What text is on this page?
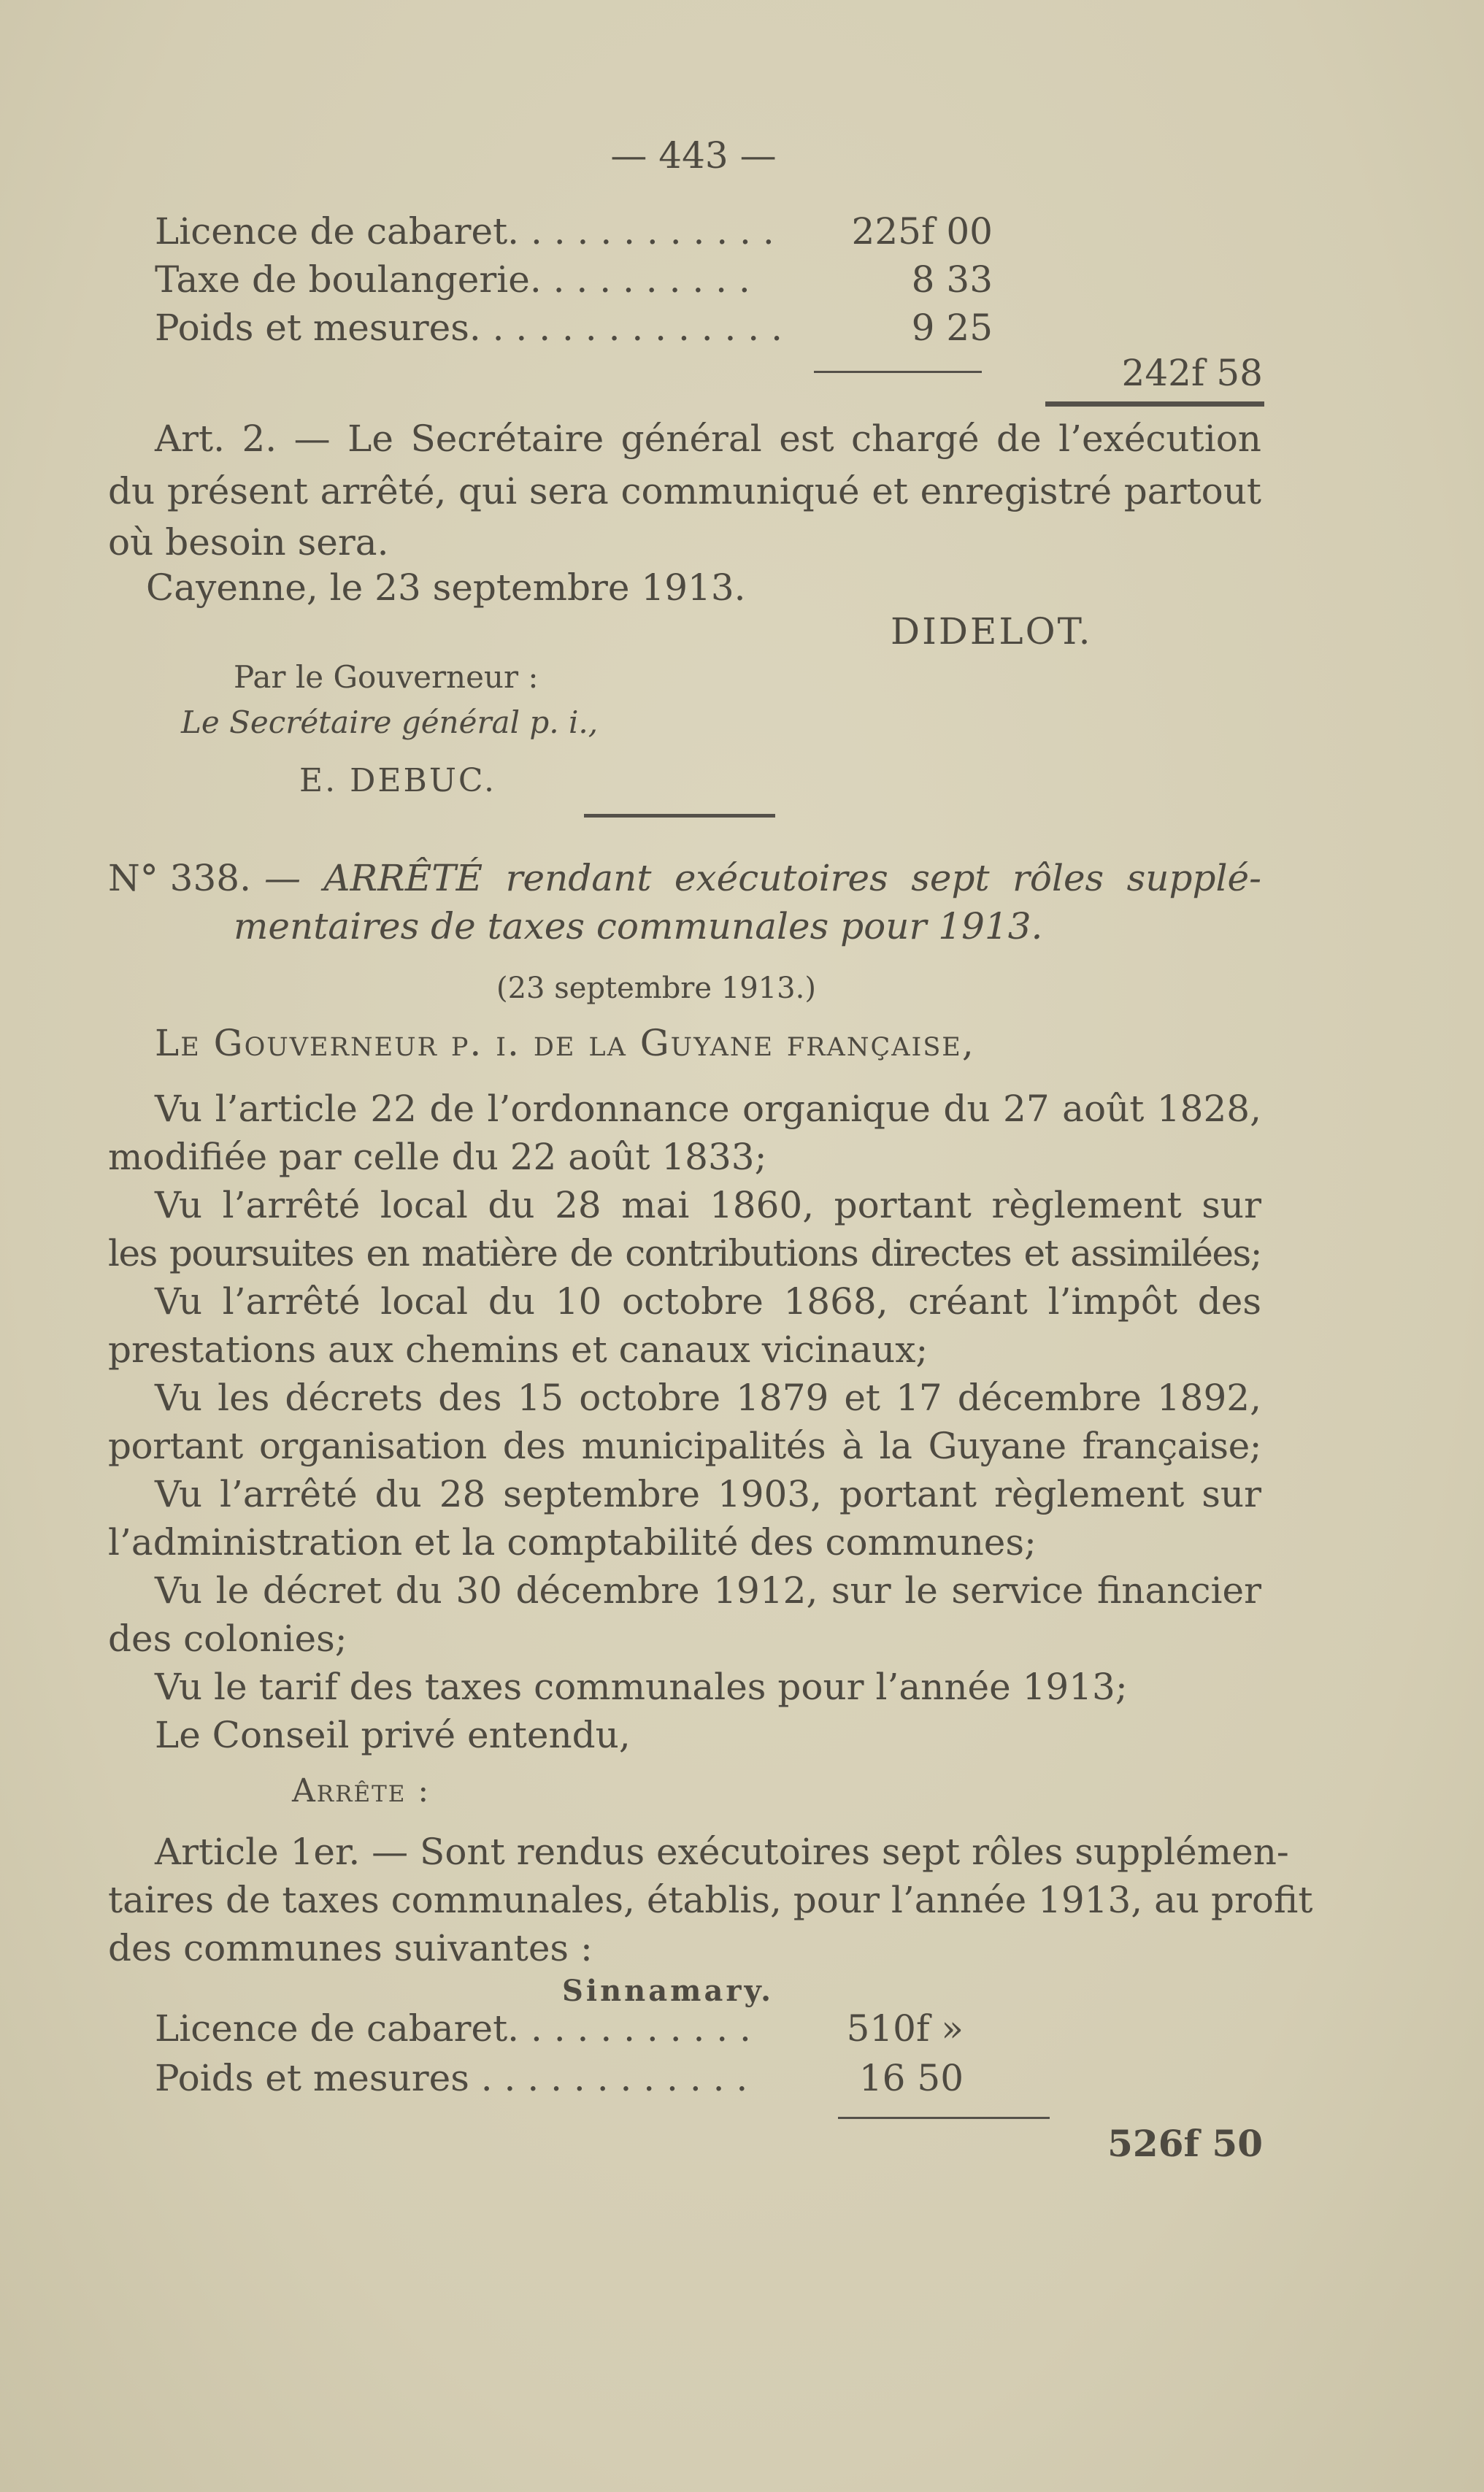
— 443 —
Licence de cabaret. . . . . . . . . . . .	225f 00
Taxe de boulangerie. . . . . . . . . .	8 33
Poids et mesures. . . . . . . . . . . . . .	9 25
242f 58
Art. 2. — Le Secrétaire général est chargé de l’exécution
du présent arrêté, qui sera communiqué et enregistré partout
où besoin sera.
Cayenne, le 23 septembre 1913.
DIDELOT.
Par le Gouverneur :
Le Secrétaire général p. i.,
E. DEBUC.
N° 338. — ARRÊTÉ rendant exécutoires sept rôles supplé-
mentaires de taxes communales pour 1913.
(23 septembre 1913.)
Le Gouverneur p. i. de la Guyane française,
Vu l’article 22 de l’ordonnance organique du 27 août 1828,
modifiée par celle du 22 août 1833;
Vu l’arrêté local du 28 mai 1860, portant règlement sur
les poursuites en matière de contributions directes et assimilées;
Vu l’arrêté local du 10 octobre 1868, créant l’impôt des
prestations aux chemins et canaux vicinaux;
Vu les décrets des 15 octobre 1879 et 17 décembre 1892,
portant organisation des municipalités à la Guyane française;
Vu l’arrêté du 28 septembre 1903, portant règlement sur
l’administration et la comptabilité des communes;
Vu le décret du 30 décembre 1912, sur le service financier
des colonies;
Vu le tarif des taxes communales pour l’année 1913;
Le Conseil privé entendu,
Arrête :
Article 1er. — Sont rendus exécutoires sept rôles supplémen-
taires de taxes communales, établis, pour l’année 1913, au profit
des communes suivantes :
Sinnamary.
Licence de cabaret. . . . . . . . . . .	510f »
Poids et mesures . . . . . . . . . . . .	16 50
526f 50
